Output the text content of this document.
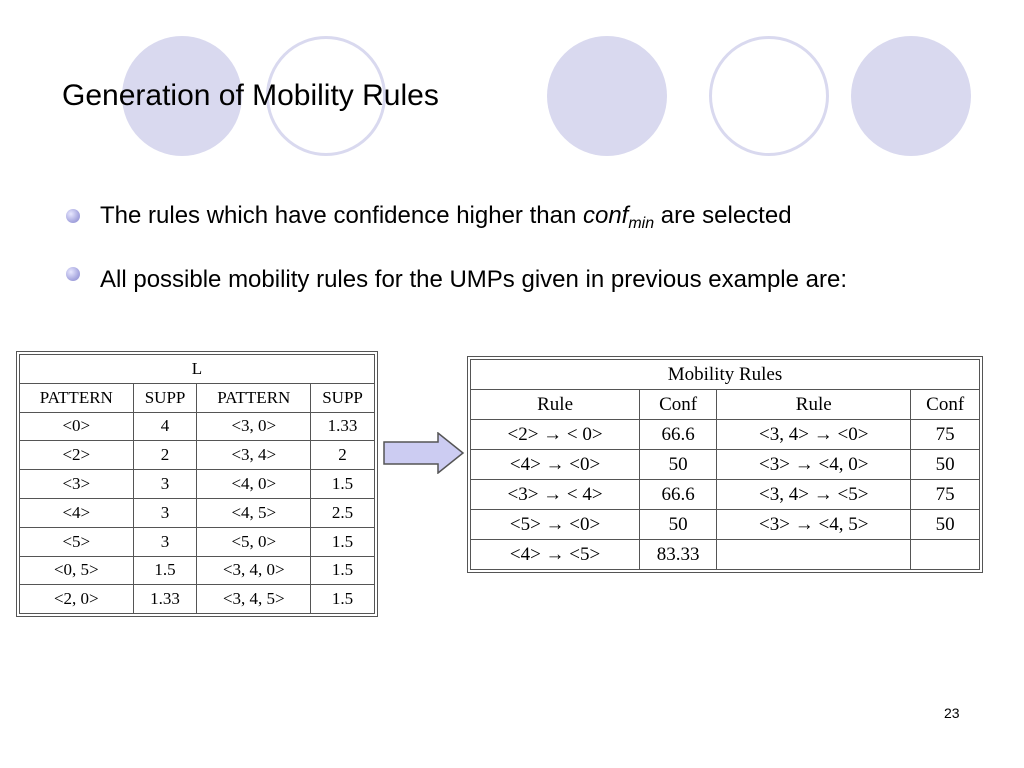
Generation of Mobility Rules
The rules which have confidence higher than conf$_{min}$ are selected
All possible mobility rules for the UMPs given in previous example are:
L			
PATTERN	SUPP	PATTERN	SUPP
<0>	4	<3, 0>	1.33
<2>	2	<3, 4>	2
<3>	3	<4, 0>	1.5
<4>	3	<4, 5>	2.5
<5>	3	<5, 0>	1.5
<0, 5>	1.5	<3, 4, 0>	1.5
<2, 0>	1.33	<3, 4, 5>	1.5
Mobility Rules			
Rule	Conf	Rule	Conf
<2> → < 0>	66.6	<3, 4> → <0>	75
<4> → <0>	50	<3> → <4, 0>	50
<3> → < 4>	66.6	<3, 4> → <5>	75
<5> → <0>	50	<3> → <4, 5>	50
<4> → <5>	83.33		
23
